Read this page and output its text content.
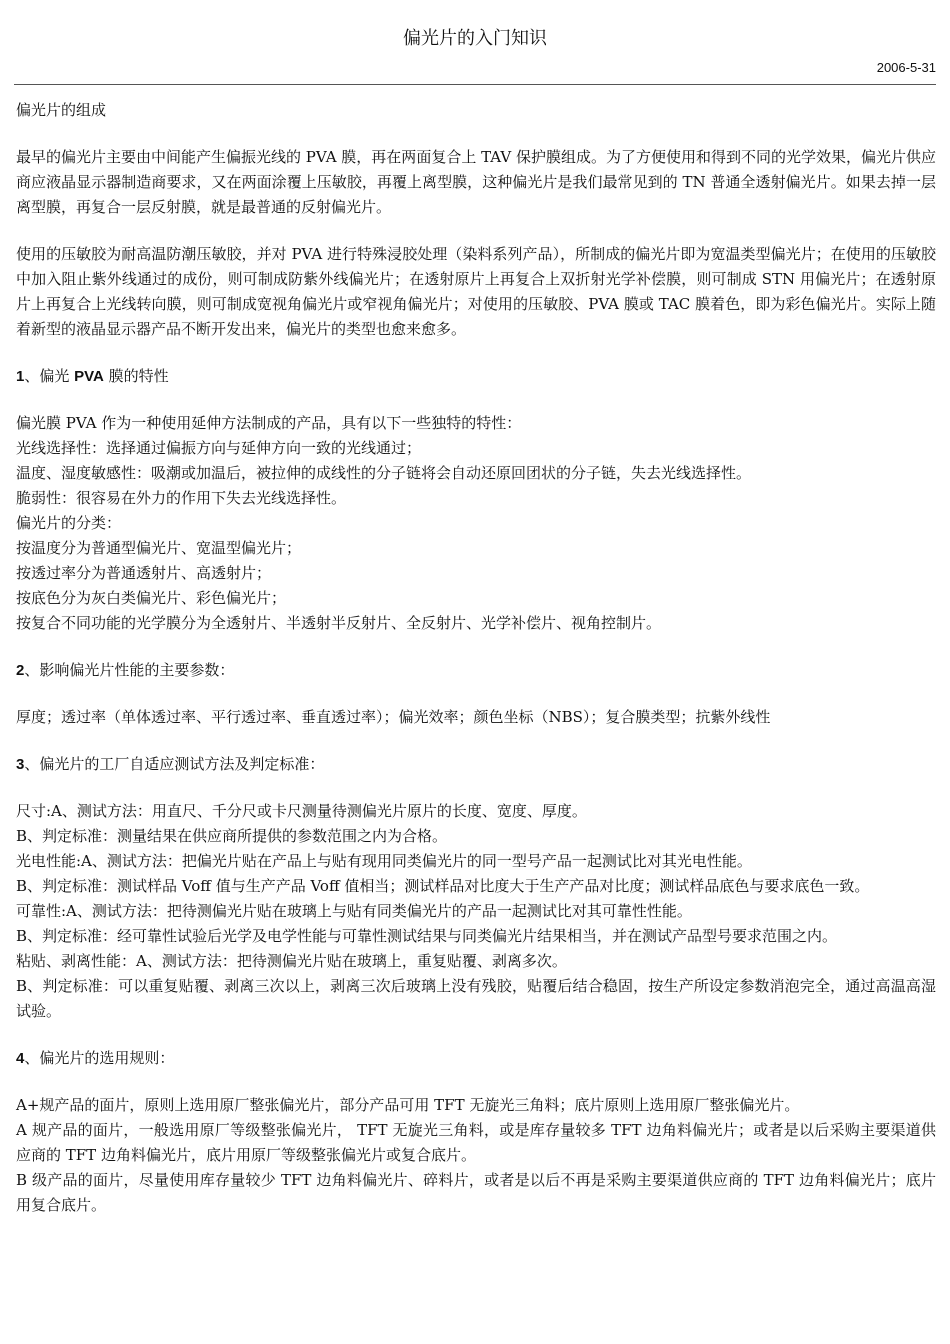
偏光片的入门知识
2006-5-31

偏光片的组成

最早的偏光片主要由中间能产生偏振光线的 PVA 膜，再在两面复合上 TAV 保护膜组成。为了方便使用和得到不同的光学效果，偏光片供应商应液晶显示器制造商要求，又在两面涂覆上压敏胶，再覆上离型膜，这种偏光片是我们最常见到的 TN 普通全透射偏光片。如果去掉一层离型膜，再复合一层反射膜，就是最普通的反射偏光片。

使用的压敏胶为耐高温防潮压敏胶，并对 PVA 进行特殊浸胶处理（染料系列产品），所制成的偏光片即为宽温类型偏光片；在使用的压敏胶中加入阻止紫外线通过的成份，则可制成防紫外线偏光片；在透射原片上再复合上双折射光学补偿膜，则可制成 STN 用偏光片；在透射原片上再复合上光线转向膜，则可制成宽视角偏光片或窄视角偏光片；对使用的压敏胶、PVA 膜或 TAC 膜着色，即为彩色偏光片。实际上随着新型的液晶显示器产品不断开发出来，偏光片的类型也愈来愈多。

1、偏光 PVA 膜的特性

偏光膜 PVA 作为一种使用延伸方法制成的产品，具有以下一些独特的特性：

光线选择性：选择通过偏振方向与延伸方向一致的光线通过；

温度、湿度敏感性：吸潮或加温后，被拉伸的成线性的分子链将会自动还原回团状的分子链，失去光线选择性。

脆弱性：很容易在外力的作用下失去光线选择性。

偏光片的分类：

按温度分为普通型偏光片、宽温型偏光片；

按透过率分为普通透射片、高透射片；

按底色分为灰白类偏光片、彩色偏光片；

按复合不同功能的光学膜分为全透射片、半透射半反射片、全反射片、光学补偿片、视角控制片。

2、影响偏光片性能的主要参数：

厚度；透过率（单体透过率、平行透过率、垂直透过率）；偏光效率；颜色坐标（NBS）；复合膜类型；抗紫外线性

3、偏光片的工厂自适应测试方法及判定标准：

尺寸:A、测试方法：用直尺、千分尺或卡尺测量待测偏光片原片的长度、宽度、厚度。

B、判定标准：测量结果在供应商所提供的参数范围之内为合格。

光电性能:A、测试方法：把偏光片贴在产品上与贴有现用同类偏光片的同一型号产品一起测试比对其光电性能。

B、判定标准：测试样品 Voff 值与生产产品 Voff 值相当；测试样品对比度大于生产产品对比度；测试样品底色与要求底色一致。

可靠性:A、测试方法：把待测偏光片贴在玻璃上与贴有同类偏光片的产品一起测试比对其可靠性性能。

B、判定标准：经可靠性试验后光学及电学性能与可靠性测试结果与同类偏光片结果相当，并在测试产品型号要求范围之内。

粘贴、剥离性能：A、测试方法：把待测偏光片贴在玻璃上，重复贴覆、剥离多次。

B、判定标准：可以重复贴覆、剥离三次以上，剥离三次后玻璃上没有残胶，贴覆后结合稳固，按生产所设定参数消泡完全，通过高温高湿试验。

4、偏光片的选用规则：

A+规产品的面片，原则上选用原厂整张偏光片，部分产品可用 TFT 无旋光三角料；底片原则上选用原厂整张偏光片。

A 规产品的面片，一般选用原厂等级整张偏光片， TFT 无旋光三角料，或是库存量较多 TFT 边角料偏光片；或者是以后采购主要渠道供应商的 TFT 边角料偏光片，底片用原厂等级整张偏光片或复合底片。

B 级产品的面片，尽量使用库存量较少 TFT 边角料偏光片、碎料片，或者是以后不再是采购主要渠道供应商的 TFT 边角料偏光片；底片用复合底片。
